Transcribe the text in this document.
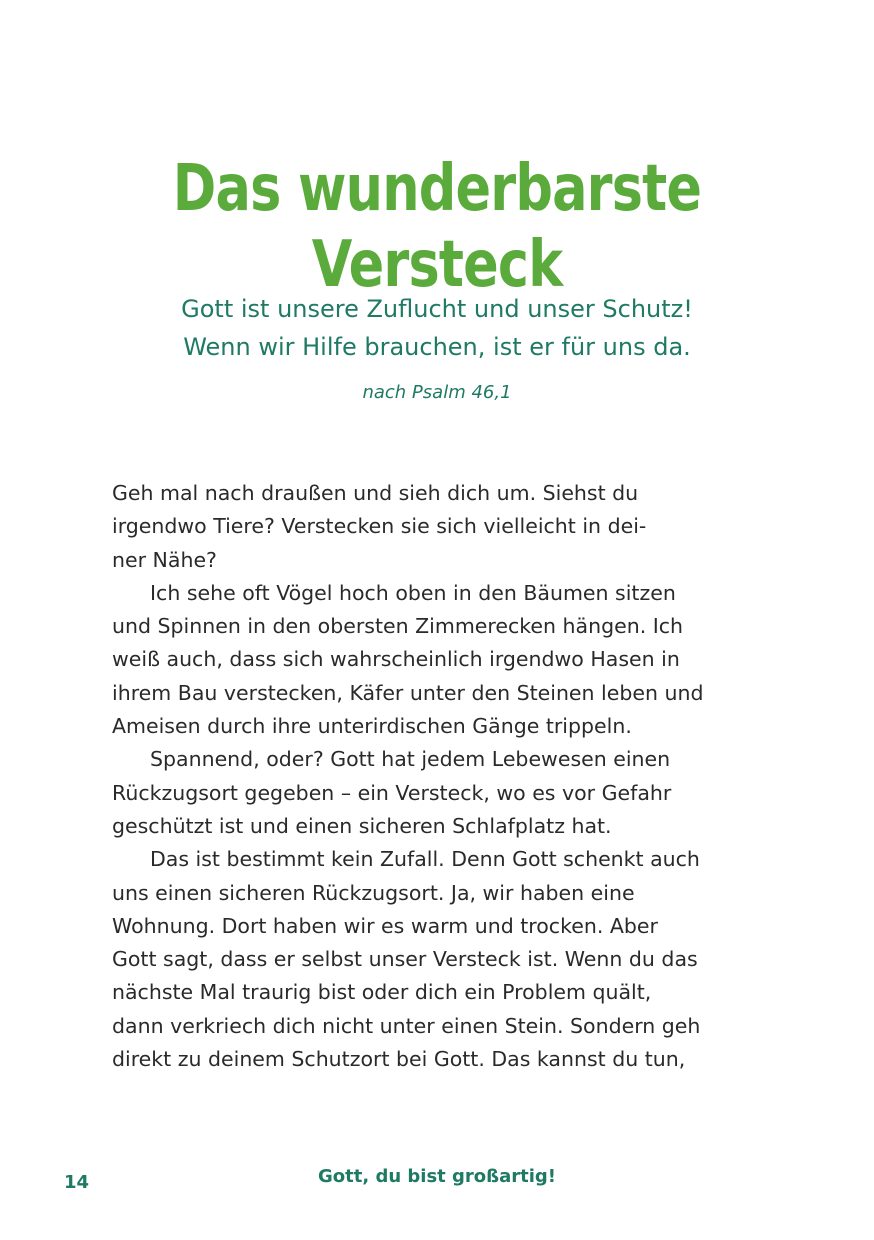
Das wunderbarste
Versteck
Gott ist unsere Zuflucht und unser Schutz!
Wenn wir Hilfe brauchen, ist er für uns da.
nach Psalm 46,1
Geh mal nach draußen und sieh dich um. Siehst du
irgendwo Tiere? Verstecken sie sich vielleicht in dei-
ner Nähe?
Ich sehe oft Vögel hoch oben in den Bäumen sitzen
und Spinnen in den obersten Zimmerecken hängen. Ich
weiß auch, dass sich wahrscheinlich irgendwo Hasen in
ihrem Bau verstecken, Käfer unter den Steinen leben und
Ameisen durch ihre unterirdischen Gänge trippeln.
Spannend, oder? Gott hat jedem Lebewesen einen
Rückzugsort gegeben – ein Versteck, wo es vor Gefahr
geschützt ist und einen sicheren Schlafplatz hat.
Das ist bestimmt kein Zufall. Denn Gott schenkt auch
uns einen sicheren Rückzugsort. Ja, wir haben eine
Wohnung. Dort haben wir es warm und trocken. Aber
Gott sagt, dass er selbst unser Versteck ist. Wenn du das
nächste Mal traurig bist oder dich ein Problem quält,
dann verkriech dich nicht unter einen Stein. Sondern geh
direkt zu deinem Schutzort bei Gott. Das kannst du tun,
14	Gott, du bist großartig!
